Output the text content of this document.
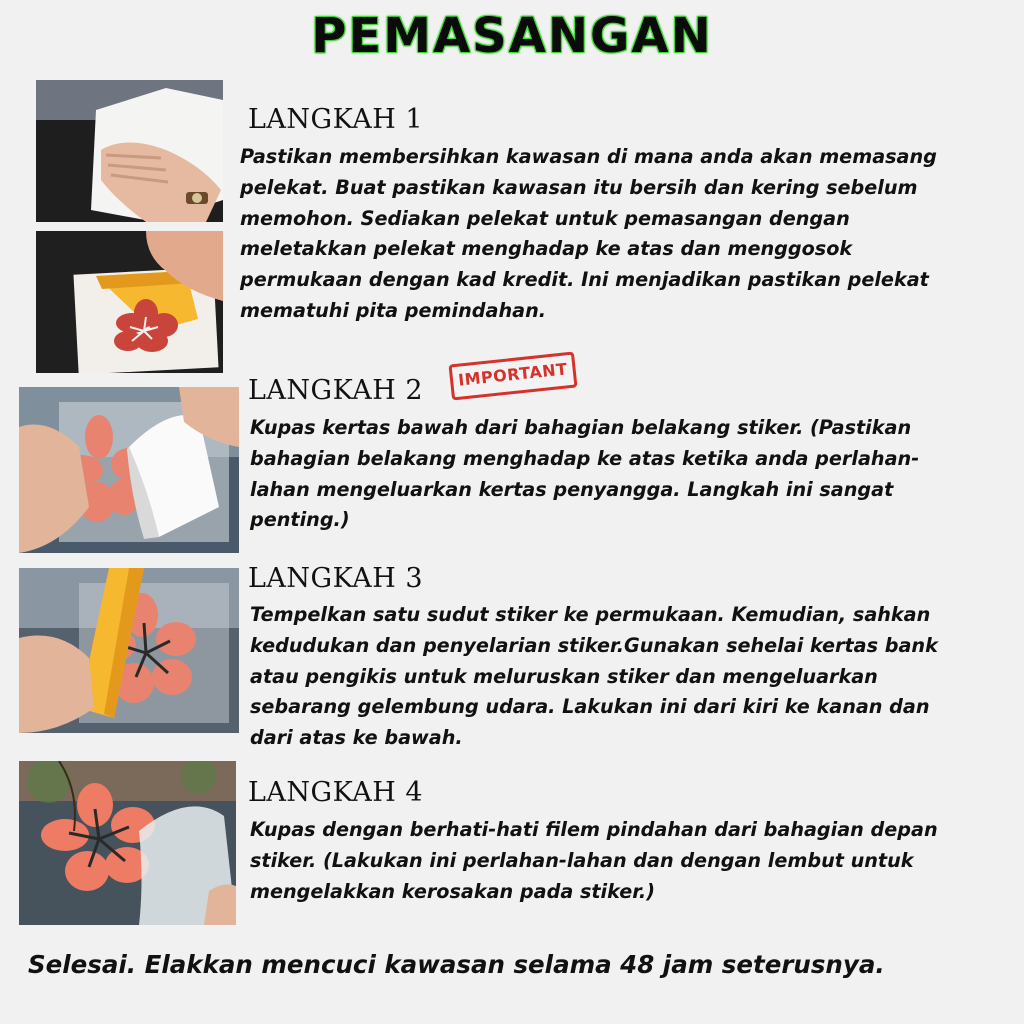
PEMASANGAN
LANGKAH 1
Pastikan membersihkan kawasan di mana anda akan memasang
pelekat. Buat pastikan kawasan itu bersih dan kering sebelum
memohon. Sediakan pelekat untuk pemasangan dengan
meletakkan pelekat menghadap ke atas dan menggosok
permukaan dengan kad kredit. Ini menjadikan pastikan pelekat
mematuhi pita pemindahan.
LANGKAH 2
IMPORTANT
Kupas kertas bawah dari bahagian belakang stiker. (Pastikan
bahagian belakang menghadap ke atas ketika anda perlahan-
lahan mengeluarkan kertas penyangga. Langkah ini sangat
penting.)
LANGKAH 3
Tempelkan satu sudut stiker ke permukaan. Kemudian, sahkan
kedudukan dan penyelarian stiker.Gunakan sehelai kertas bank
atau pengikis untuk meluruskan stiker dan mengeluarkan
sebarang gelembung udara. Lakukan ini dari kiri ke kanan dan
dari atas ke bawah.
LANGKAH 4
Kupas dengan berhati-hati filem pindahan dari bahagian depan
stiker. (Lakukan ini perlahan-lahan dan dengan lembut untuk
mengelakkan kerosakan pada stiker.)
Selesai. Elakkan mencuci kawasan selama 48 jam seterusnya.
